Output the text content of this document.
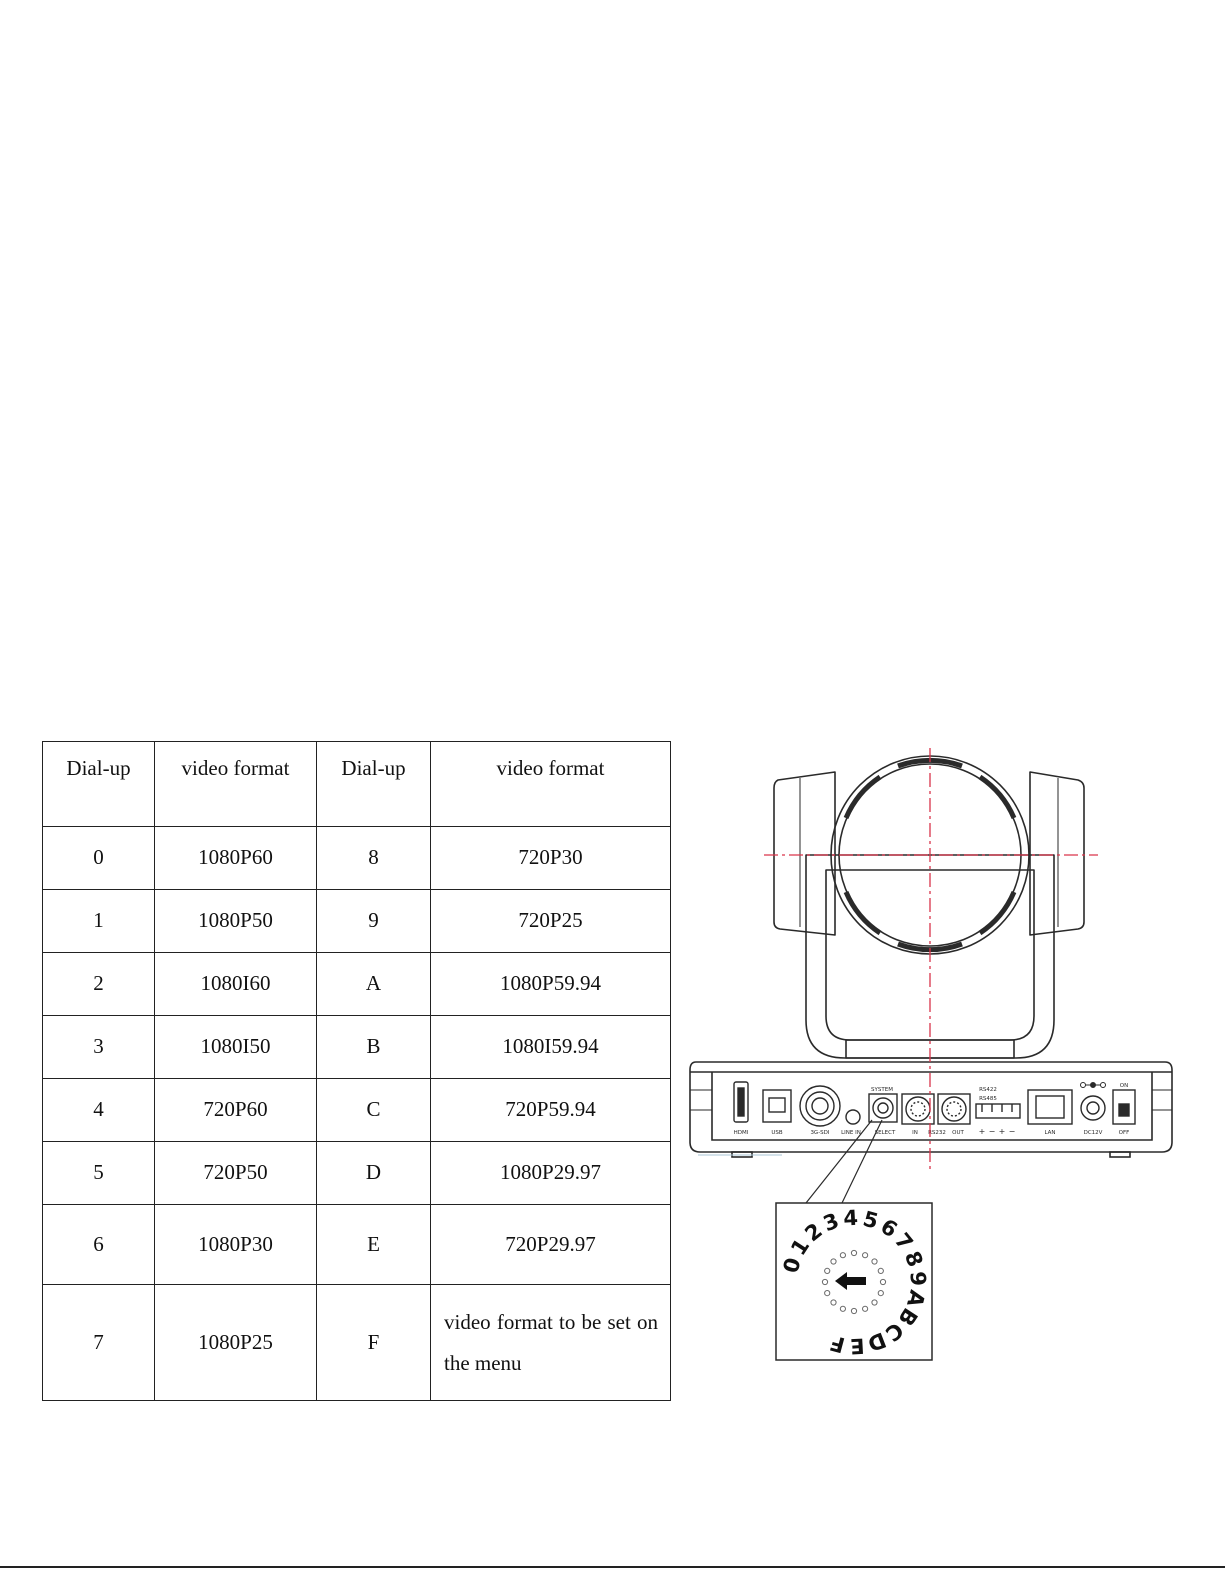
Dial-up	video format	Dial-up	video format
0	1080P60	8	720P30
1	1080P50	9	720P25
2	1080I60	A	1080P59.94
3	1080I50	B	1080I59.94
4	720P60	C	720P59.94
5	720P50	D	1080P29.97
6	1080P30	E	720P29.97
7	1080P25	F	video format to be set on the menu
HDMI	USB	3G-SDI LINE IN	SELECT	IN RS232 OUT	LAN	DC12V	OFF
SYSTEM	RS422
RS485
ON
+ − + −
0
1
2
3 4 5
6
7
8
9
A
B
C
D
E
F
